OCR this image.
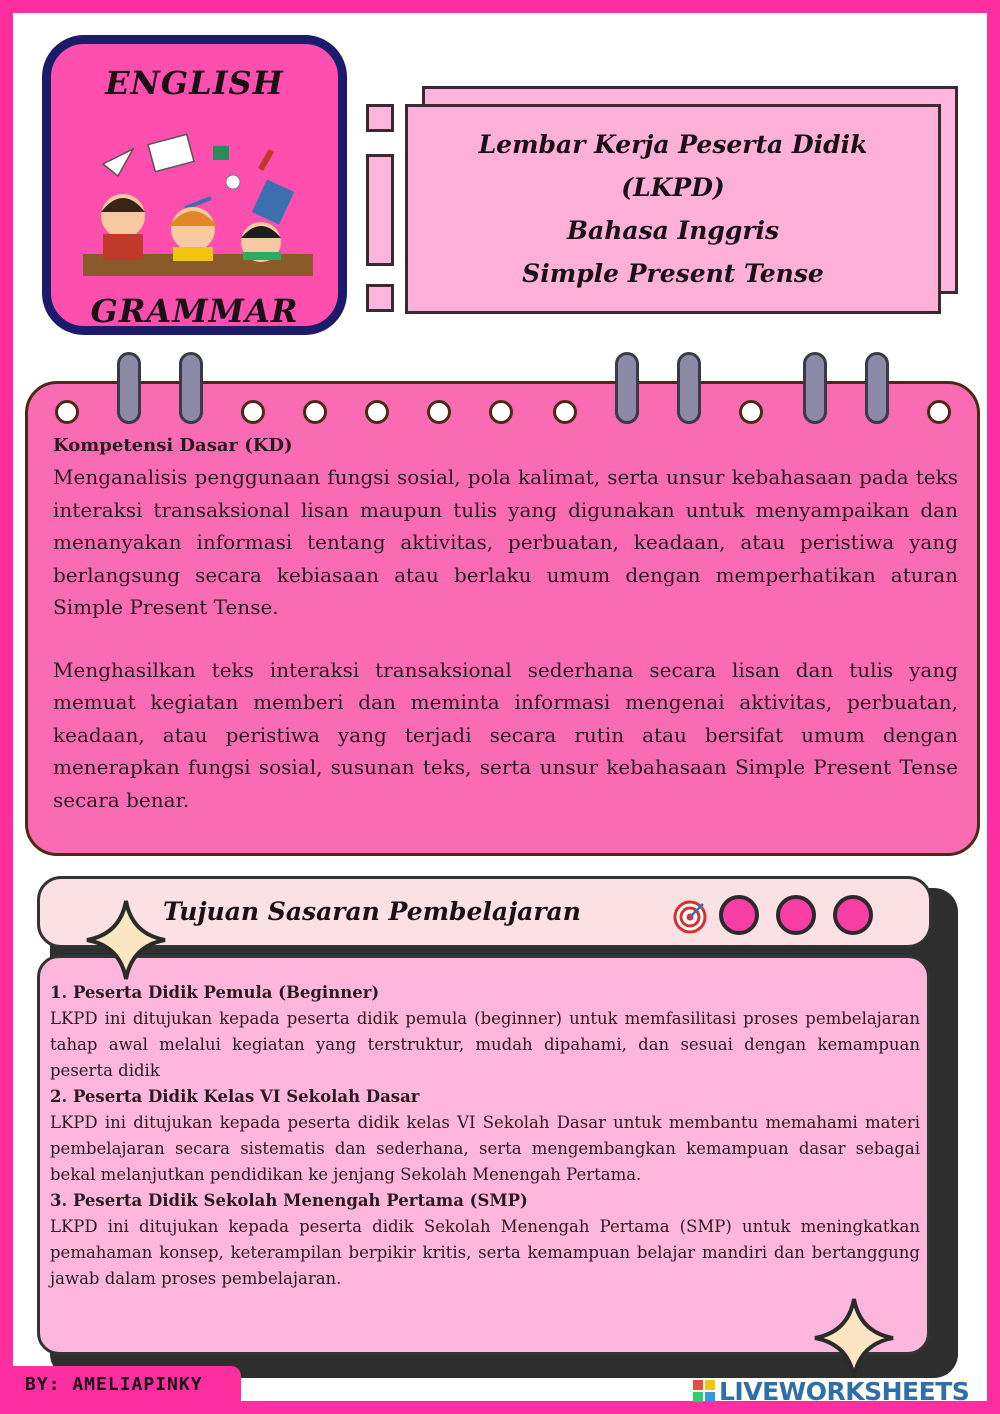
ENGLISH
GRAMMAR
Lembar Kerja Peserta Didik
(LKPD)
Bahasa Inggris
Simple Present Tense
Kompetensi Dasar (KD)

Menganalisis penggunaan fungsi sosial, pola kalimat, serta unsur kebahasaan pada teks interaksi transaksional lisan maupun tulis yang digunakan untuk menyampaikan dan menanyakan informasi tentang aktivitas, perbuatan, keadaan, atau peristiwa yang berlangsung secara kebiasaan atau berlaku umum dengan memperhatikan aturan Simple Present Tense.

Menghasilkan teks interaksi transaksional sederhana secara lisan dan tulis yang memuat kegiatan memberi dan meminta informasi mengenai aktivitas, perbuatan, keadaan, atau peristiwa yang terjadi secara rutin atau bersifat umum dengan menerapkan fungsi sosial, susunan teks, serta unsur kebahasaan Simple Present Tense secara benar.

Tujuan Sasaran Pembelajaran
1. Peserta Didik Pemula (Beginner)
LKPD ini ditujukan kepada peserta didik pemula (beginner) untuk memfasilitasi proses pembelajaran tahap awal melalui kegiatan yang terstruktur, mudah dipahami, dan sesuai dengan kemampuan peserta didik
2. Peserta Didik Kelas VI Sekolah Dasar
LKPD ini ditujukan kepada peserta didik kelas VI Sekolah Dasar untuk membantu memahami materi pembelajaran secara sistematis dan sederhana, serta mengembangkan kemampuan dasar sebagai bekal melanjutkan pendidikan ke jenjang Sekolah Menengah Pertama.
3. Peserta Didik Sekolah Menengah Pertama (SMP)
LKPD ini ditujukan kepada peserta didik Sekolah Menengah Pertama (SMP) untuk meningkatkan pemahaman konsep, keterampilan berpikir kritis, serta kemampuan belajar mandiri dan bertanggung jawab dalam proses pembelajaran.
BY: AMELIAPINKY	LIVEWORKSHEETS
